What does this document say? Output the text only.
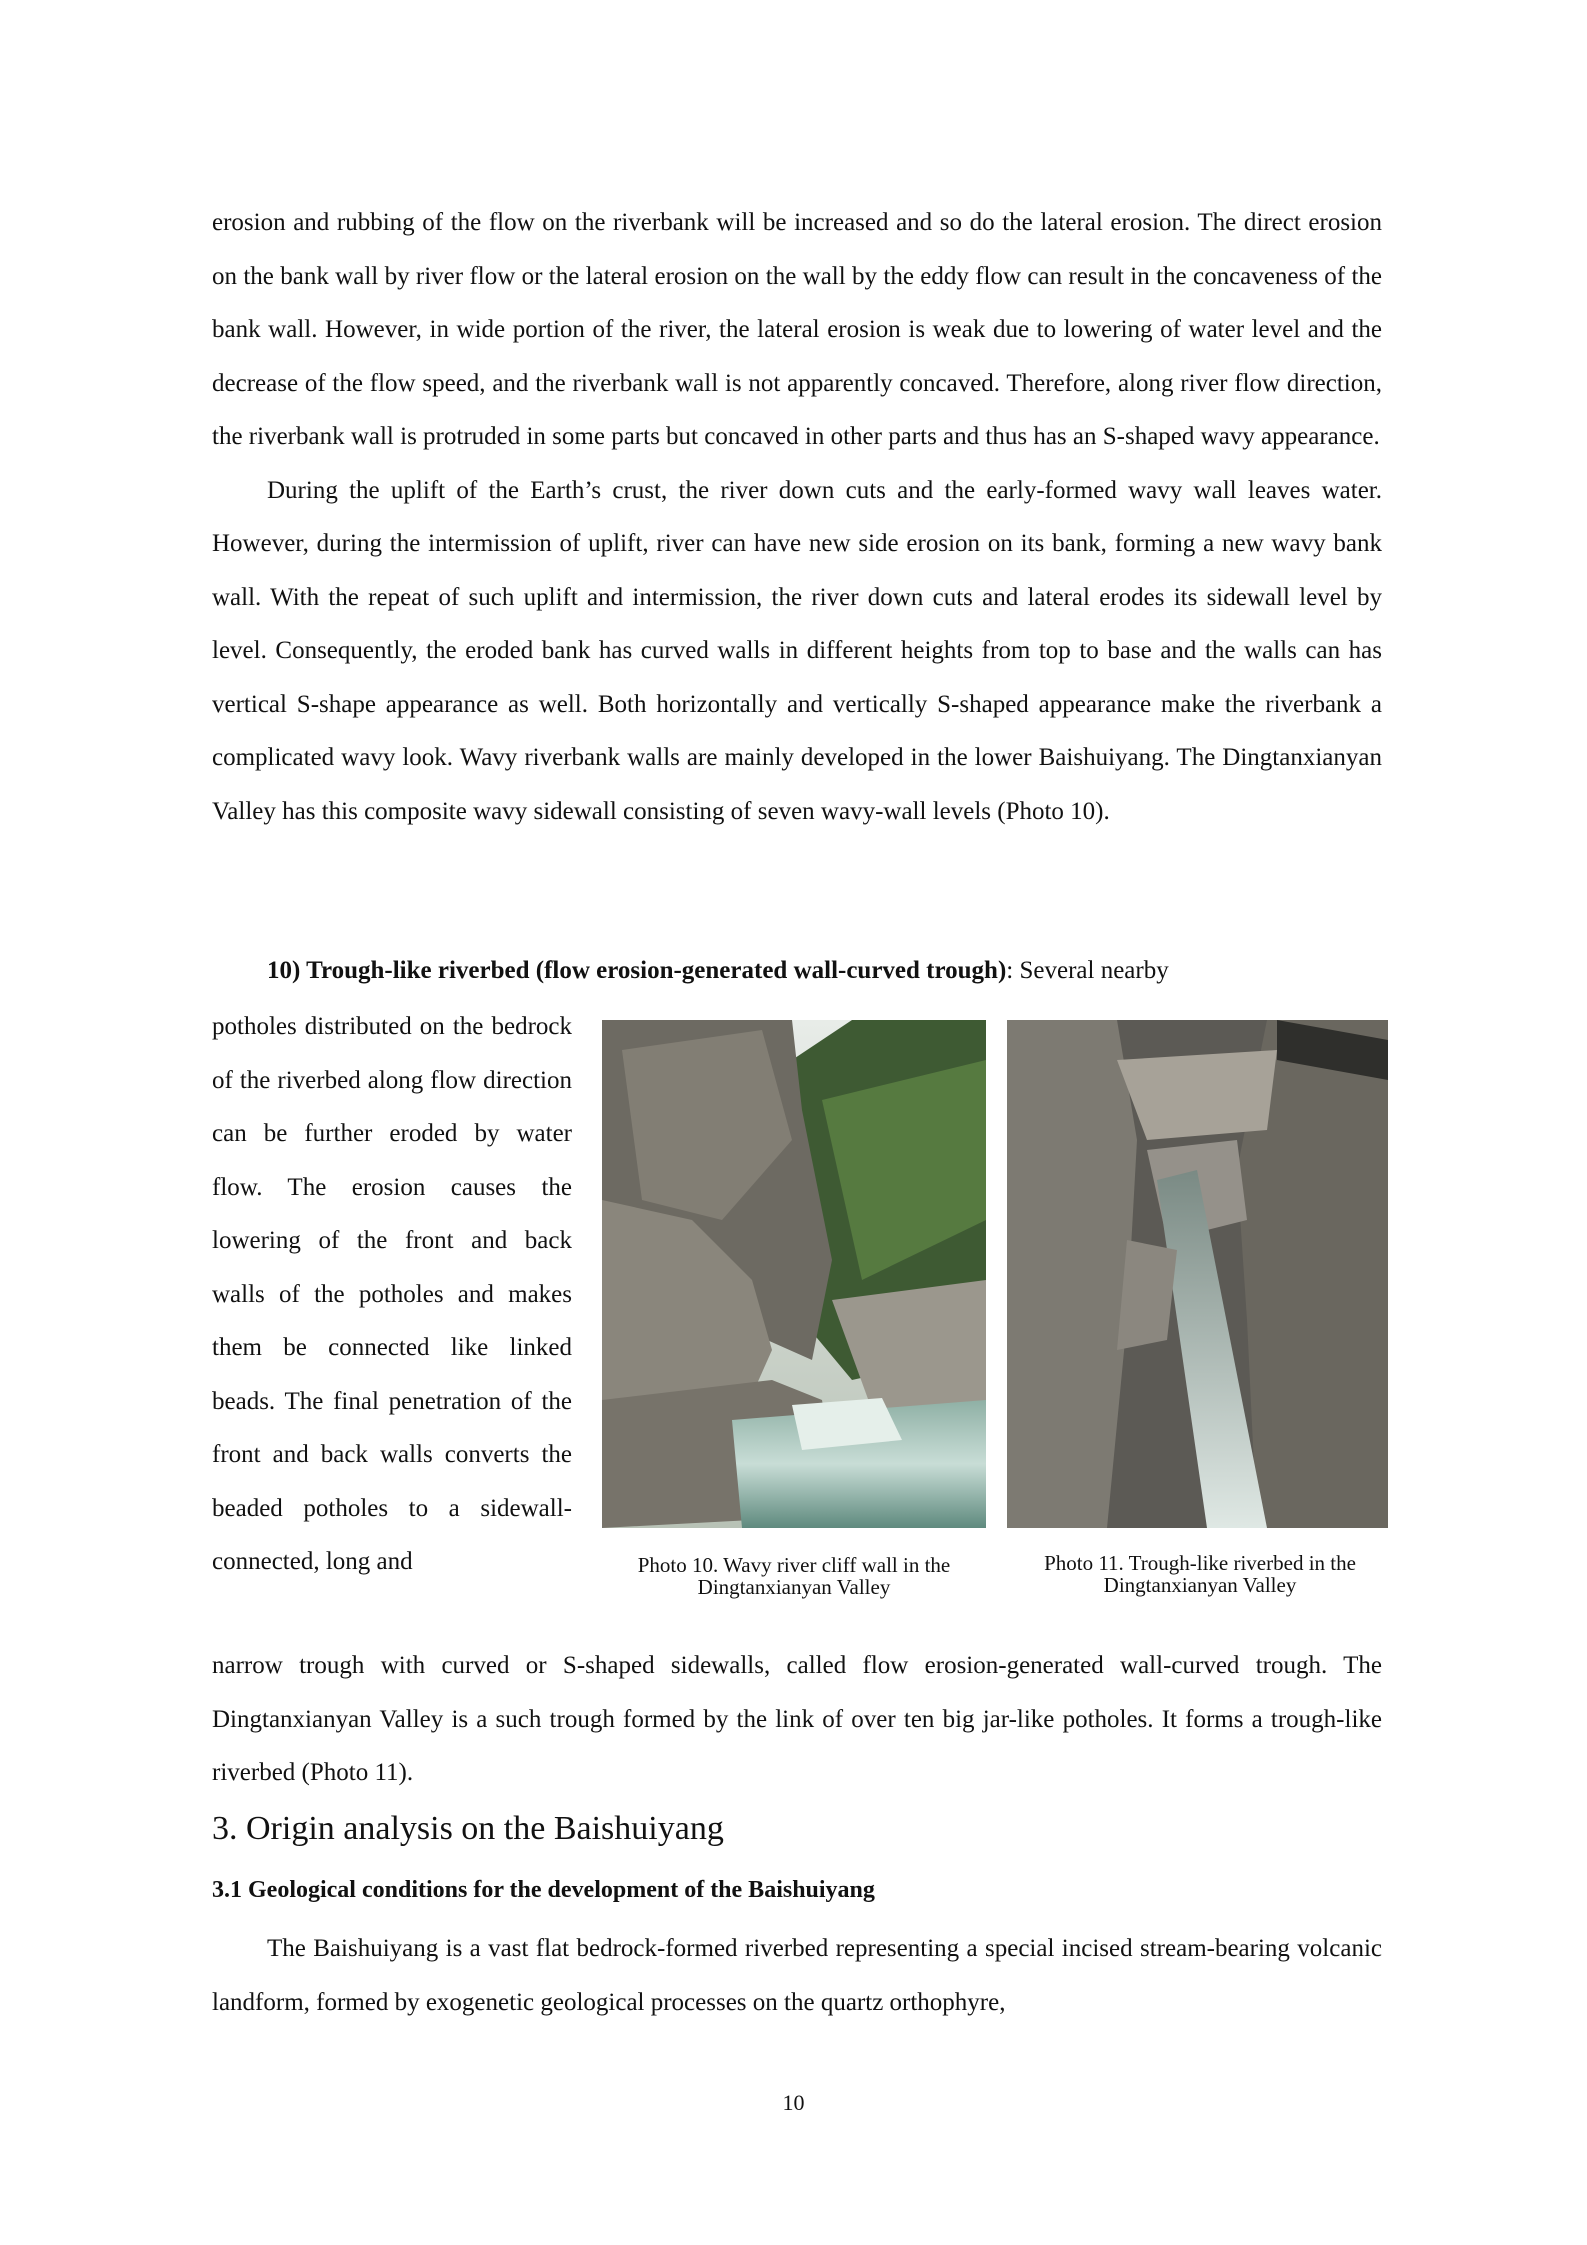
erosion and rubbing of the flow on the riverbank will be increased and so do the lateral erosion. The direct erosion on the bank wall by river flow or the lateral erosion on the wall by the eddy flow can result in the concaveness of the bank wall. However, in wide portion of the river, the lateral erosion is weak due to lowering of water level and the decrease of the flow speed, and the riverbank wall is not apparently concaved. Therefore, along river flow direction, the riverbank wall is protruded in some parts but concaved in other parts and thus has an S-shaped wavy appearance.

During the uplift of the Earth’s crust, the river down cuts and the early-formed wavy wall leaves water. However, during the intermission of uplift, river can have new side erosion on its bank, forming a new wavy bank wall. With the repeat of such uplift and intermission, the river down cuts and lateral erodes its sidewall level by level. Consequently, the eroded bank has curved walls in different heights from top to base and the walls can has vertical S-shape appearance as well. Both horizontally and vertically S-shaped appearance make the riverbank a complicated wavy look. Wavy riverbank walls are mainly developed in the lower Baishuiyang. The Dingtanxianyan Valley has this composite wavy sidewall consisting of seven wavy-wall levels (Photo 10).

10) Trough-like riverbed (flow erosion-generated wall-curved trough): Several nearby

potholes distributed on the bedrock of the riverbed along flow direction can be further eroded by water flow. The erosion causes the lowering of the front and back walls of the potholes and makes them be connected like linked beads. The final penetration of the front and back walls converts the beaded potholes to a sidewall-connected, long and	Photo 10. Wavy river cliff wall in the Dingtanxianyan Valley
Photo 11. Trough-like riverbed in the Dingtanxianyan Valley

narrow trough with curved or S-shaped sidewalls, called flow erosion-generated wall-curved trough. The Dingtanxianyan Valley is a such trough formed by the link of over ten big jar-like potholes. It forms a trough-like riverbed (Photo 11).

3. Origin analysis on the Baishuiyang
3.1 Geological conditions for the development of the Baishuiyang

The Baishuiyang is a vast flat bedrock-formed riverbed representing a special incised stream-bearing volcanic landform, formed by exogenetic geological processes on the quartz orthophyre,

10
